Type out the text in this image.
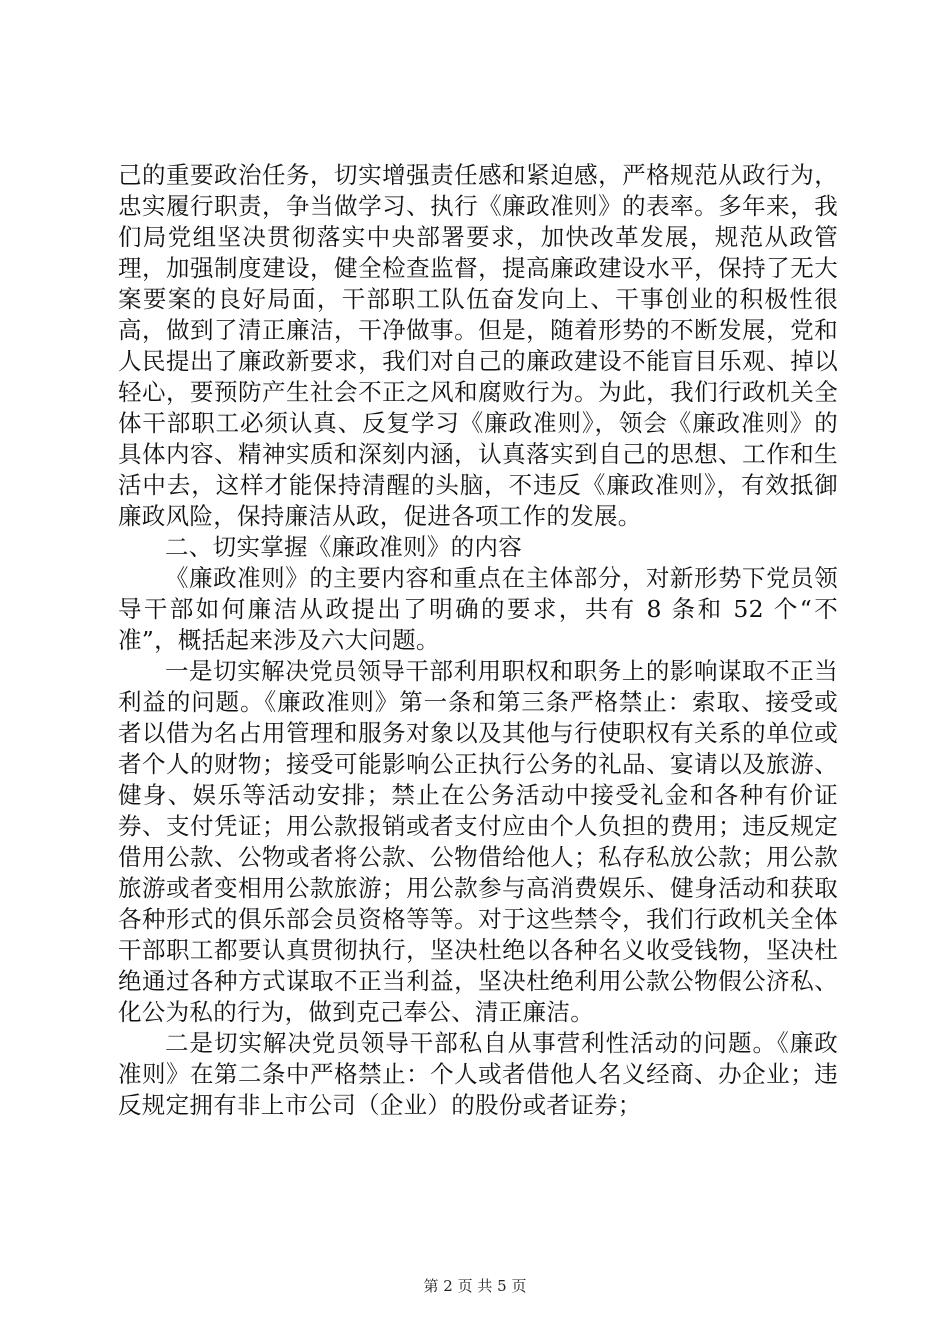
己的重要政治任务，切实增强责任感和紧迫感，严格规范从政行为，忠实履行职责，争当做学习、执行《廉政准则》的表率。多年来，我们局党组坚决贯彻落实中央部署要求，加快改革发展，规范从政管理，加强制度建设，健全检查监督，提高廉政建设水平，保持了无大案要案的良好局面，干部职工队伍奋发向上、干事创业的积极性很高，做到了清正廉洁，干净做事。但是，随着形势的不断发展，党和人民提出了廉政新要求，我们对自己的廉政建设不能盲目乐观、掉以轻心，要预防产生社会不正之风和腐败行为。为此，我们行政机关全体干部职工必须认真、反复学习《廉政准则》，领会《廉政准则》的具体内容、精神实质和深刻内涵，认真落实到自己的思想、工作和生活中去，这样才能保持清醒的头脑，不违反《廉政准则》，有效抵御廉政风险，保持廉洁从政，促进各项工作的发展。

二、切实掌握《廉政准则》的内容

《廉政准则》的主要内容和重点在主体部分，对新形势下党员领导干部如何廉洁从政提出了明确的要求，共有 8 条和 52 个“不准”，概括起来涉及六大问题。

一是切实解决党员领导干部利用职权和职务上的影响谋取不正当利益的问题。《廉政准则》第一条和第三条严格禁止：索取、接受或者以借为名占用管理和服务对象以及其他与行使职权有关系的单位或者个人的财物；接受可能影响公正执行公务的礼品、宴请以及旅游、健身、娱乐等活动安排；禁止在公务活动中接受礼金和各种有价证券、支付凭证；用公款报销或者支付应由个人负担的费用；违反规定借用公款、公物或者将公款、公物借给他人；私存私放公款；用公款旅游或者变相用公款旅游；用公款参与高消费娱乐、健身活动和获取各种形式的俱乐部会员资格等等。对于这些禁令，我们行政机关全体干部职工都要认真贯彻执行，坚决杜绝以各种名义收受钱物，坚决杜绝通过各种方式谋取不正当利益，坚决杜绝利用公款公物假公济私、化公为私的行为，做到克己奉公、清正廉洁。

二是切实解决党员领导干部私自从事营利性活动的问题。《廉政准则》在第二条中严格禁止：个人或者借他人名义经商、办企业；违反规定拥有非上市公司（企业）的股份或者证券；

第 2 页 共 5 页
